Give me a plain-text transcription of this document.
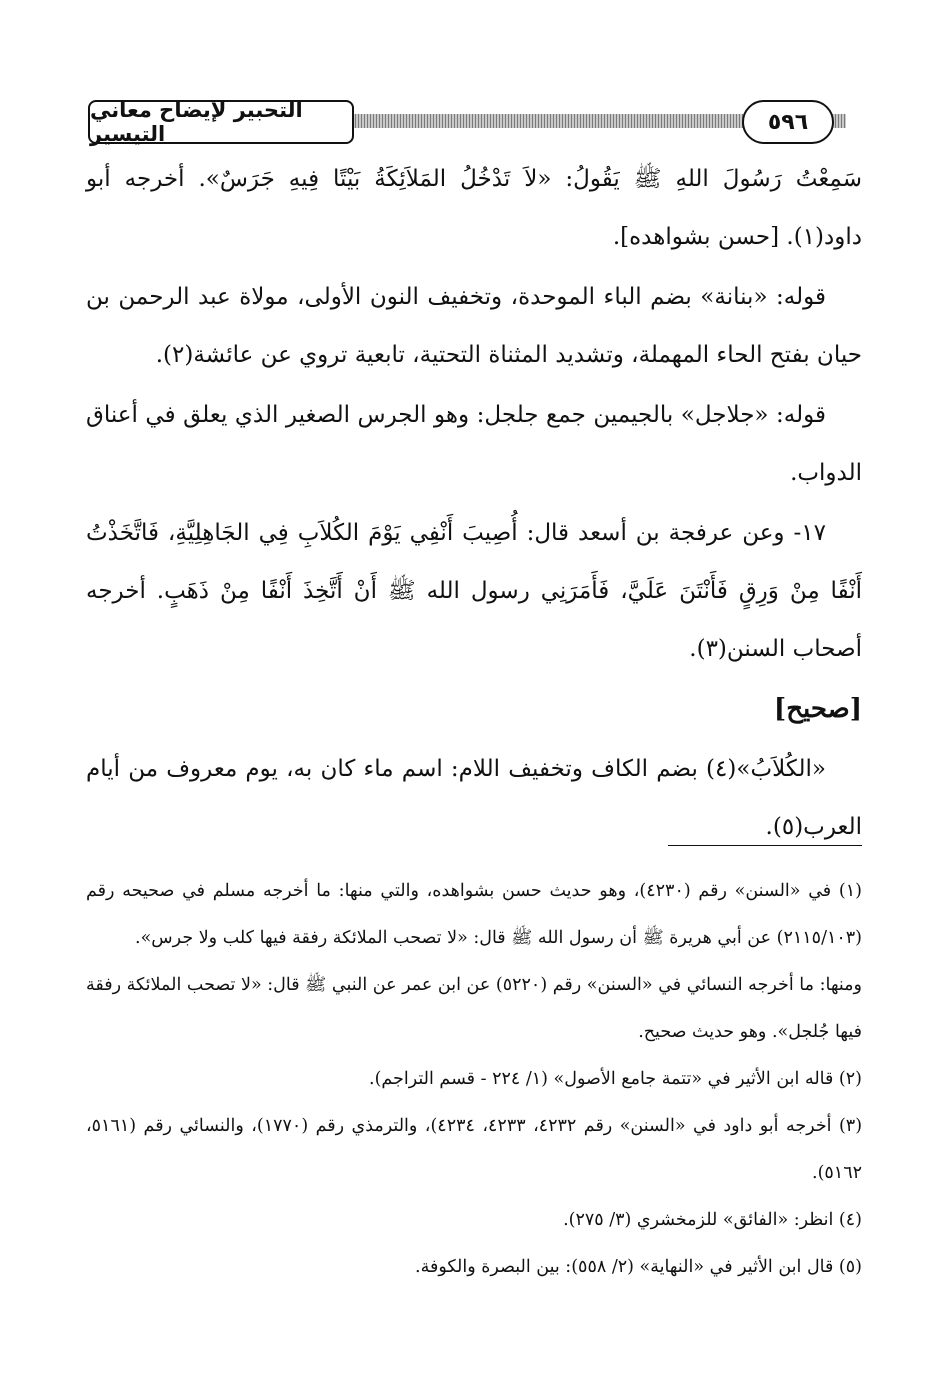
التحبير لإيضاح معاني التيسير	٥٩٦

سَمِعْتُ رَسُولَ اللهِ ﷺ يَقُولُ: «لاَ تَدْخُلُ المَلاَئِكَةُ بَيْتًا فِيهِ جَرَسٌ». أخرجه أبو داود(١). [حسن بشواهده].

قوله: «بنانة» بضم الباء الموحدة، وتخفيف النون الأولى، مولاة عبد الرحمن بن حيان بفتح الحاء المهملة، وتشديد المثناة التحتية، تابعية تروي عن عائشة(٢).

قوله: «جلاجل» بالجيمين جمع جلجل: وهو الجرس الصغير الذي يعلق في أعناق الدواب.

١٧- وعن عرفجة بن أسعد قال: أُصِيبَ أَنْفِي يَوْمَ الكُلاَبِ فِي الجَاهِلِيَّةِ، فَاتَّخَذْتُ أَنْفًا مِنْ وَرِقٍ فَأَنْتَنَ عَلَيَّ، فَأَمَرَنِي رسول الله ﷺ أَنْ أَتَّخِذَ أَنْفًا مِنْ ذَهَبٍ. أخرجه أصحاب السنن(٣).

[صحيح]

«الكُلاَبُ»(٤) بضم الكاف وتخفيف اللام: اسم ماء كان به، يوم معروف من أيام العرب(٥).

(١) في «السنن» رقم (٤٢٣٠)، وهو حديث حسن بشواهده، والتي منها: ما أخرجه مسلم في صحيحه رقم (٢١١٥/١٠٣) عن أبي هريرة ﷺ أن رسول الله ﷺ قال: «لا تصحب الملائكة رفقة فيها كلب ولا جرس».

ومنها: ما أخرجه النسائي في «السنن» رقم (٥٢٢٠) عن ابن عمر عن النبي ﷺ قال: «لا تصحب الملائكة رفقة فيها جُلجل». وهو حديث صحيح.

(٢) قاله ابن الأثير في «تتمة جامع الأصول» (١/ ٢٢٤ - قسم التراجم).

(٣) أخرجه أبو داود في «السنن» رقم ٤٢٣٢، ٤٢٣٣، ٤٢٣٤)، والترمذي رقم (١٧٧٠)، والنسائي رقم (٥١٦١، ٥١٦٢).

(٤) انظر: «الفائق» للزمخشري (٣/ ٢٧٥).

(٥) قال ابن الأثير في «النهاية» (٢/ ٥٥٨): بين البصرة والكوفة.
